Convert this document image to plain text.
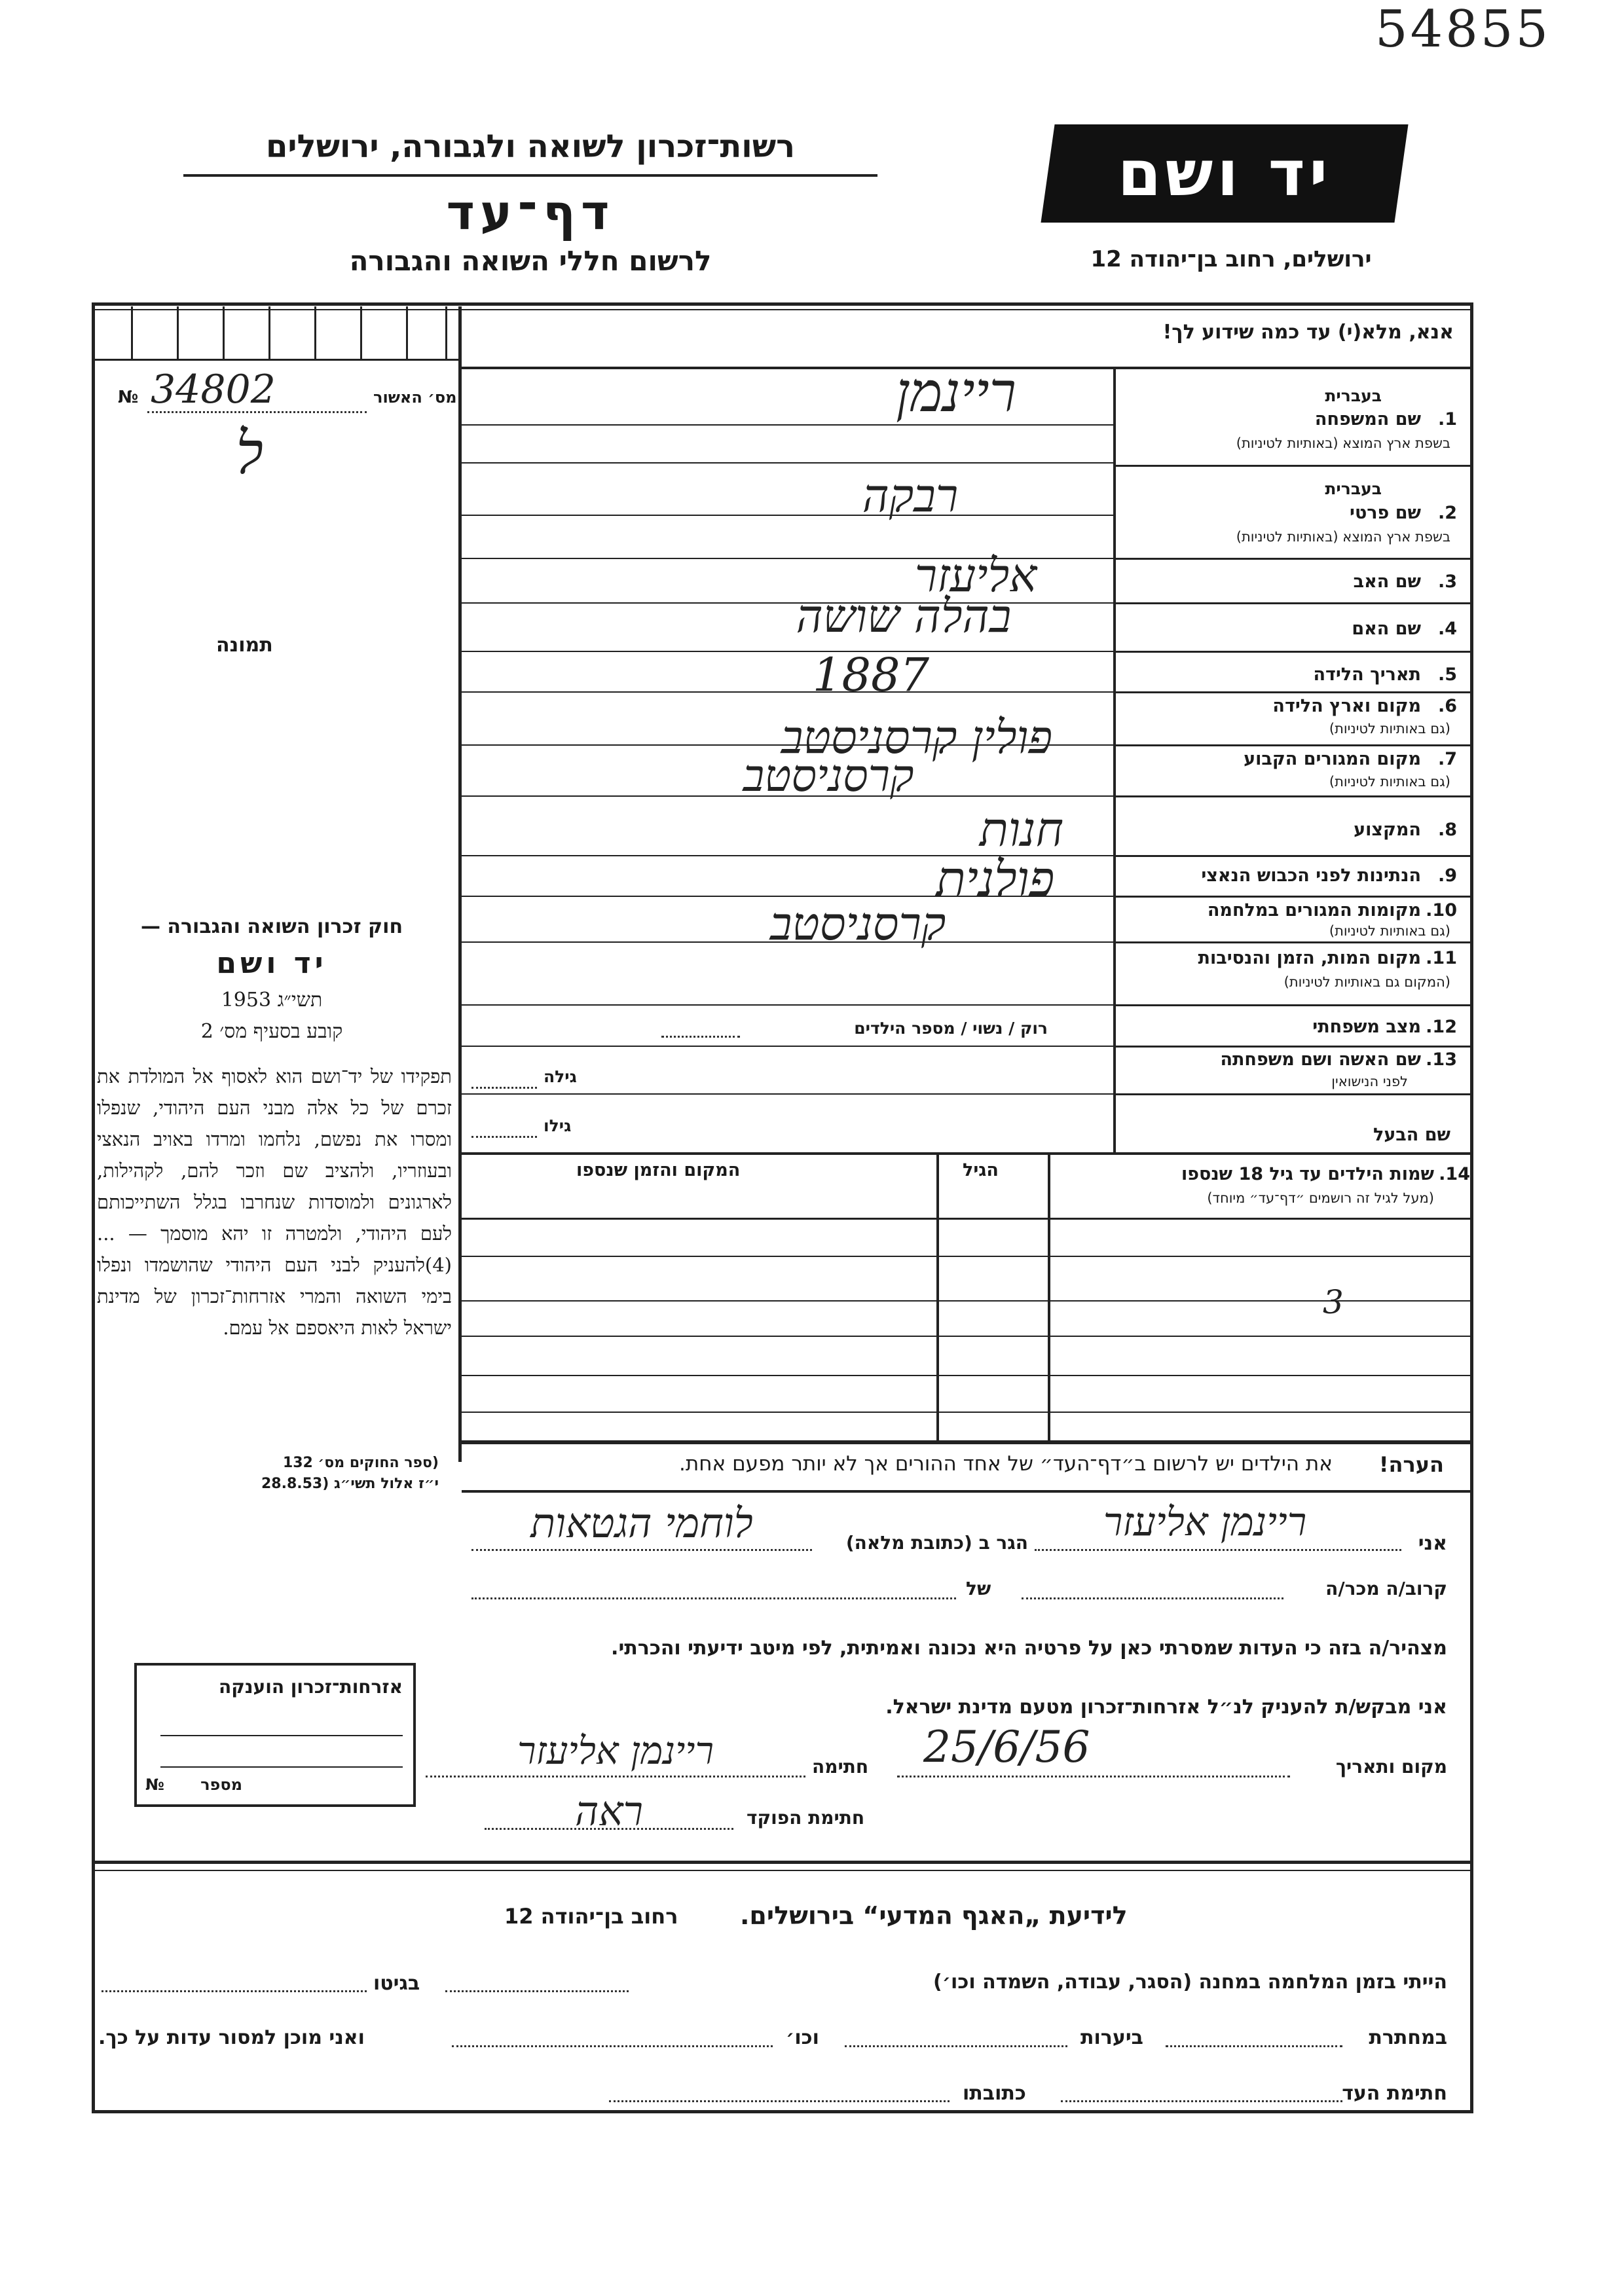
54855
רשות־זכרון לשואה ולגבורה, ירושלים
דף־עד
לרשום חללי השואה והגבורה
יד ושם
ירושלים, רחוב בן־יהודה 12
אנא, מלא(י) עד כמה שידוע לך!
מס׳ האשור
№ 34802
ל
תמונה
חוק זכרון השואה והגבורה —
יד ושם
תשי״ג 1953
קובע בסעיף מס׳ 2
תפקידו של יד־ושם הוא לאסוף אל המולדת את זכרם של כל אלה מבני העם היהודי, שנפלו ומסרו את נפשם, נלחמו ומרדו באויב הנאצי ובעוזריו, ולהציב שם וזכר להם, לקהילות, לארגונים ולמוסדות שנחרבו בגלל השתייכותם לעם היהודי, ולמטרה זו יהא מוסמך — ...(4)להעניק לבני העם היהודי שהושמדו ונפלו בימי השואה והמרי אזרחות־זכרון של מדינת ישראל לאות היאספם אל עמם.
(ספר החוקים מס׳ 132
י״ז אלול תשי״ג (28.8.53
בעברית
שם המשפחה 1.
בשפת ארץ המוצא (באותיות לטיניות)
בעברית
שם פרטי 2.
בשפת ארץ המוצא (באותיות לטיניות)
שם האב 3.
שם האם 4.
תאריך הלידה 5.
מקום וארץ הלידה 6.
(גם באותיות לטיניות)
מקום המגורים הקבוע 7.
(גם באותיות לטיניות)
המקצוע 8.
הנתינות לפני הכבוש הנאצי 9.
מקומות המגורים במלחמה 10.
(גם באותיות לטיניות)
מקום המות, הזמן והנסיבות 11.
(המקום גם באותיות לטיניות)
מצב משפחתי 12.
שם האשה ושם משפחתה 13.
לפני הנישואין
שם הבעל
ריינמן
רבקה
אליעזר
בהלה שושה
1887
פולין קרסניסטב
קרסניסטב
חנות
פולנית
קרסניסטב
רוק / נשוי / מספר הילדים
גילה
גילו
שמות הילדים עד גיל 18 שנספו 14.
(מעל לגיל זה רושמים ״דף־עד״ מיוחד)
הגיל
המקום והזמן שנספו
3
הערה!
את הילדים יש לרשום ב״דף־העד״ של אחד ההורים אך לא יותר מפעם אחת.
אני
ריינמן אליעזר
הגר ב (כתובת מלאה)
לוחמי הגטאות
קרוב/ה מכר/ה
של
מצהיר/ה בזה כי העדות שמסרתי כאן על פרטיה היא נכונה ואמיתית, לפי מיטב ידיעתי והכרתי.
אני מבקש/ת להעניק לנ״ל אזרחות־זכרון מטעם מדינת ישראל.
מקום ותאריך
25/6/56
חתימה
ריינמן אליעזר
חתימת הפוקד
ראה
אזרחות־זכרון הוענקה
№	מספר
לידיעת „האגף המדעי“ בירושלים.
רחוב בן־יהודה 12
הייתי בזמן המלחמה במחנה (הסגר, עבודה, השמדה וכו׳)
בגיטו
במחתרת
ביערות
וכו׳
ואני מוכן למסור עדות על כך.
חתימת העד
כתובתו
